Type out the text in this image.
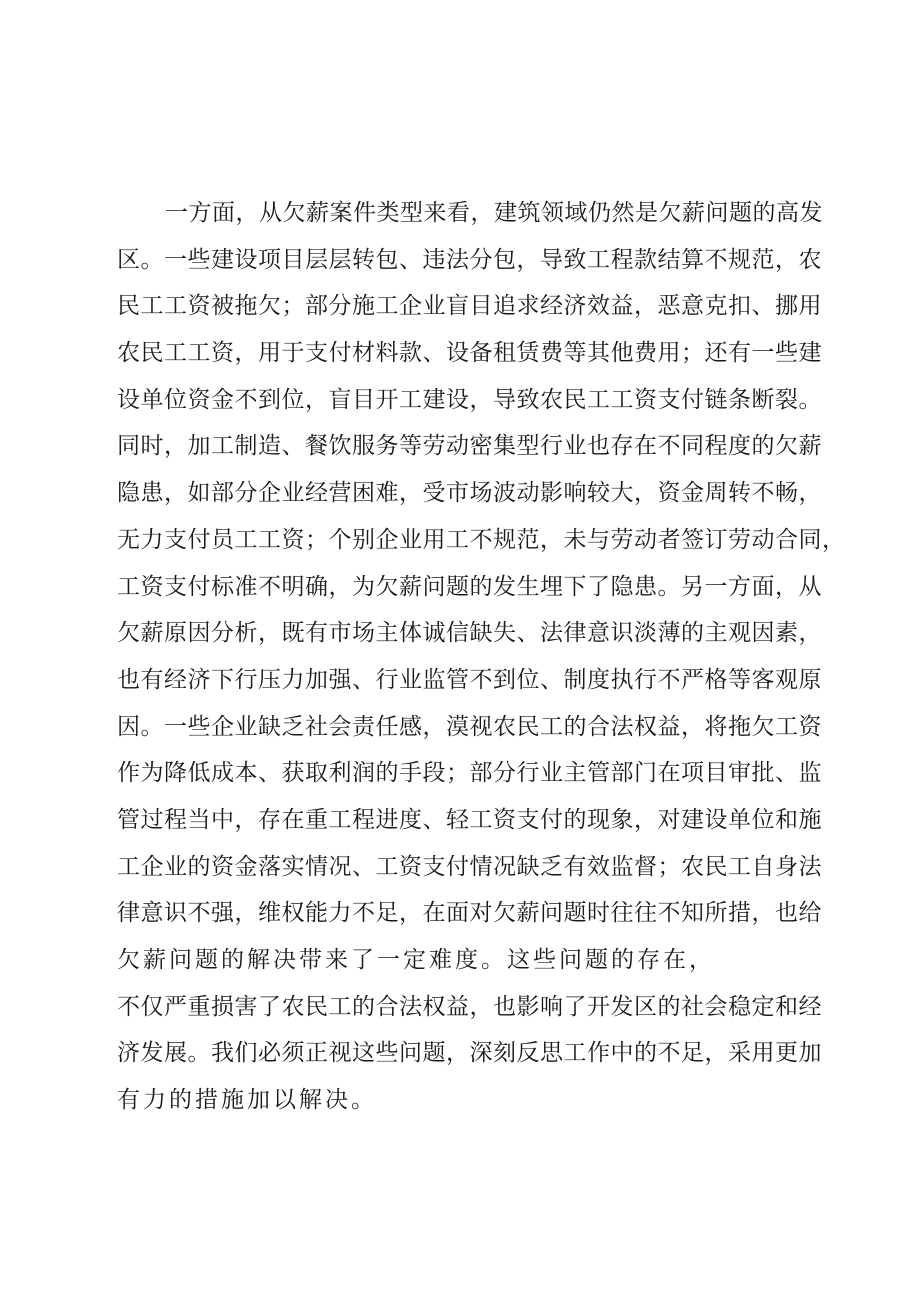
一方面，从欠薪案件类型来看，建筑领域仍然是欠薪问题的高发
区。一些建设项目层层转包、违法分包，导致工程款结算不规范，农
民工工资被拖欠；部分施工企业盲目追求经济效益，恶意克扣、挪用
农民工工资，用于支付材料款、设备租赁费等其他费用；还有一些建
设单位资金不到位，盲目开工建设，导致农民工工资支付链条断裂。
同时，加工制造、餐饮服务等劳动密集型行业也存在不同程度的欠薪
隐患，如部分企业经营困难，受市场波动影响较大，资金周转不畅，
无力支付员工工资；个别企业用工不规范，未与劳动者签订劳动合同，
工资支付标准不明确，为欠薪问题的发生埋下了隐患。另一方面，从
欠薪原因分析，既有市场主体诚信缺失、法律意识淡薄的主观因素，
也有经济下行压力加强、行业监管不到位、制度执行不严格等客观原
因。一些企业缺乏社会责任感，漠视农民工的合法权益，将拖欠工资
作为降低成本、获取利润的手段；部分行业主管部门在项目审批、监
管过程当中，存在重工程进度、轻工资支付的现象，对建设单位和施
工企业的资金落实情况、工资支付情况缺乏有效监督；农民工自身法
律意识不强，维权能力不足，在面对欠薪问题时往往不知所措，也给
欠薪问题的解决带来了一定难度。这些问题的存在，
不仅严重损害了农民工的合法权益，也影响了开发区的社会稳定和经
济发展。我们必须正视这些问题，深刻反思工作中的不足，采用更加
有力的措施加以解决。
